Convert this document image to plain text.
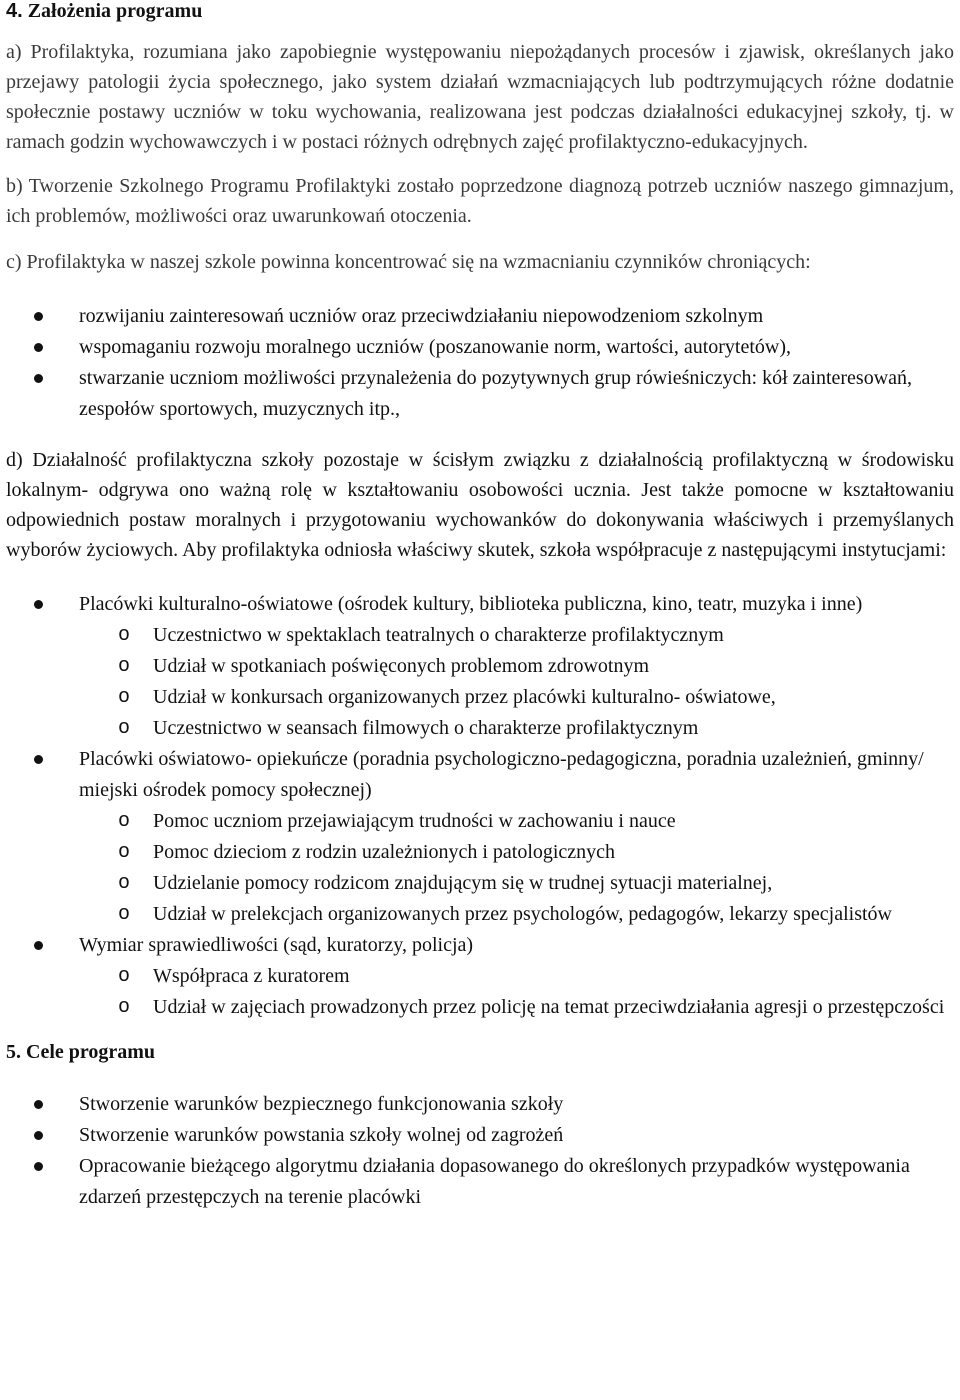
4. Założenia programu

a) Profilaktyka, rozumiana jako zapobiegnie występowaniu niepożądanych procesów i zjawisk, określanych jako przejawy patologii życia społecznego, jako system działań wzmacniających lub podtrzymujących różne dodatnie społecznie postawy uczniów w toku wychowania, realizowana jest podczas działalności edukacyjnej szkoły, tj. w ramach godzin wychowawczych i w postaci różnych odrębnych zajęć profilaktyczno-edukacyjnych.

b) Tworzenie Szkolnego Programu Profilaktyki zostało poprzedzone diagnozą potrzeb uczniów naszego gimnazjum, ich problemów, możliwości oraz uwarunkowań otoczenia.

c) Profilaktyka w naszej szkole powinna koncentrować się na wzmacnianiu czynników chroniących:

rozwijaniu zainteresowań uczniów oraz przeciwdziałaniu niepowodzeniom szkolnym
wspomaganiu rozwoju moralnego uczniów (poszanowanie norm, wartości, autorytetów),
stwarzanie uczniom możliwości przynależenia do pozytywnych grup rówieśniczych: kół zainteresowań, zespołów sportowych, muzycznych itp.,

d) Działalność profilaktyczna szkoły pozostaje w ścisłym związku z działalnością profilaktyczną w środowisku lokalnym- odgrywa ono ważną rolę w kształtowaniu osobowości ucznia. Jest także pomocne w kształtowaniu odpowiednich postaw moralnych i przygotowaniu wychowanków do dokonywania właściwych i przemyślanych wyborów życiowych. Aby profilaktyka odniosła właściwy skutek, szkoła współpracuje z następującymi instytucjami:

Placówki kulturalno-oświatowe (ośrodek kultury, biblioteka publiczna, kino, teatr, muzyka i inne)
o Uczestnictwo w spektaklach teatralnych o charakterze profilaktycznym
o Udział w spotkaniach poświęconych problemom zdrowotnym
o Udział w konkursach organizowanych przez placówki kulturalno- oświatowe,
o Uczestnictwo w seansach filmowych o charakterze profilaktycznym
Placówki oświatowo- opiekuńcze (poradnia psychologiczno-pedagogiczna, poradnia uzależnień, gminny/ miejski ośrodek pomocy społecznej)
o Pomoc uczniom przejawiającym trudności w zachowaniu i nauce
o Pomoc dzieciom z rodzin uzależnionych i patologicznych
o Udzielanie pomocy rodzicom znajdującym się w trudnej sytuacji materialnej,
o Udział w prelekcjach organizowanych przez psychologów, pedagogów, lekarzy specjalistów
Wymiar sprawiedliwości (sąd, kuratorzy, policja)
o Współpraca z kuratorem
o Udział w zajęciach prowadzonych przez policję na temat przeciwdziałania agresji o przestępczości
5. Cele programu
Stworzenie warunków bezpiecznego funkcjonowania szkoły
Stworzenie warunków powstania szkoły wolnej od zagrożeń
Opracowanie bieżącego algorytmu działania dopasowanego do określonych przypadków występowania zdarzeń przestępczych na terenie placówki
